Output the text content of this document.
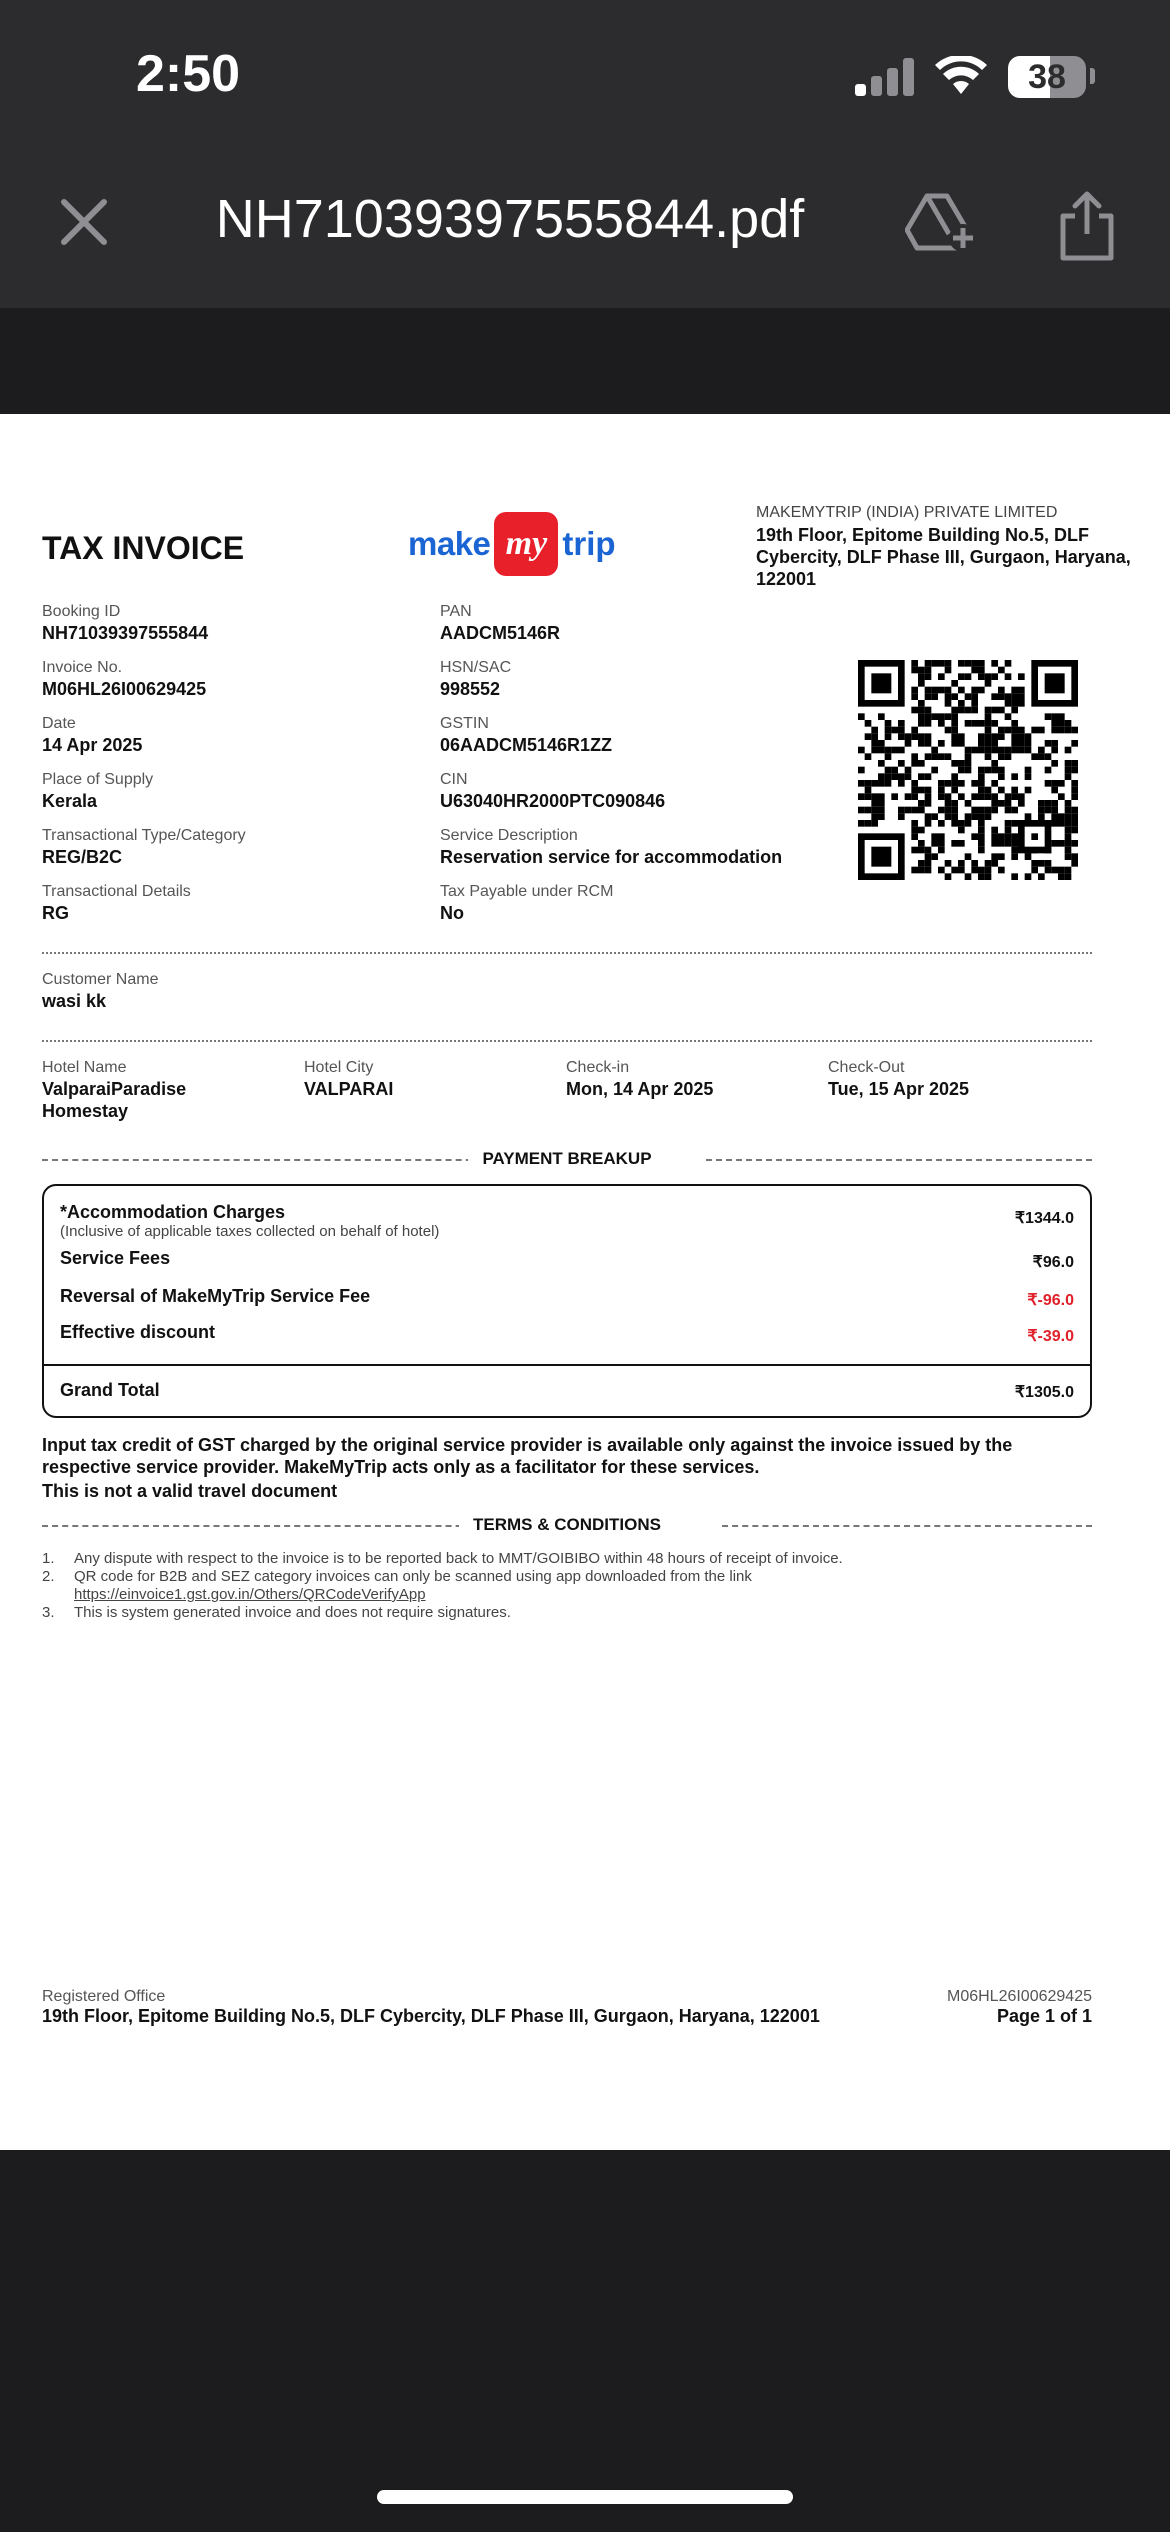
2:50	38
NH71039397555844.pdf
TAX INVOICE	make my trip
MAKEMYTRIP (INDIA) PRIVATE LIMITED
19th Floor, Epitome Building No.5, DLF Cybercity, DLF Phase III, Gurgaon, Haryana, 122001
Booking ID
NH71039397555844
Invoice No.
M06HL26I00629425
Date
14 Apr 2025
Place of Supply
Kerala
Transactional Type/Category
REG/B2C
Transactional Details
RG
PAN
AADCM5146R
HSN/SAC
998552
GSTIN
06AADCM5146R1ZZ
CIN
U63040HR2000PTC090846
Service Description
Reservation service for accommodation
Tax Payable under RCM
No
Customer Name
wasi kk
Hotel Name
ValparaiParadise Homestay
Hotel City
VALPARAI
Check-in
Mon, 14 Apr 2025
Check-Out
Tue, 15 Apr 2025
PAYMENT BREAKUP
*Accommodation Charges
(Inclusive of applicable taxes collected on behalf of hotel)
₹1344.0
Service Fees	₹96.0
Reversal of MakeMyTrip Service Fee	₹-96.0
Effective discount	₹-39.0
Grand Total	₹1305.0
Input tax credit of GST charged by the original service provider is available only against the invoice issued by the respective service provider. MakeMyTrip acts only as a facilitator for these services.
This is not a valid travel document
TERMS & CONDITIONS
1. Any dispute with respect to the invoice is to be reported back to MMT/GOIBIBO within 48 hours of receipt of invoice.
2. QR code for B2B and SEZ category invoices can only be scanned using app downloaded from the link
https://einvoice1.gst.gov.in/Others/QRCodeVerifyApp
3. This is system generated invoice and does not require signatures.
Registered Office
19th Floor, Epitome Building No.5, DLF Cybercity, DLF Phase III, Gurgaon, Haryana, 122001
M06HL26I00629425
Page 1 of 1
